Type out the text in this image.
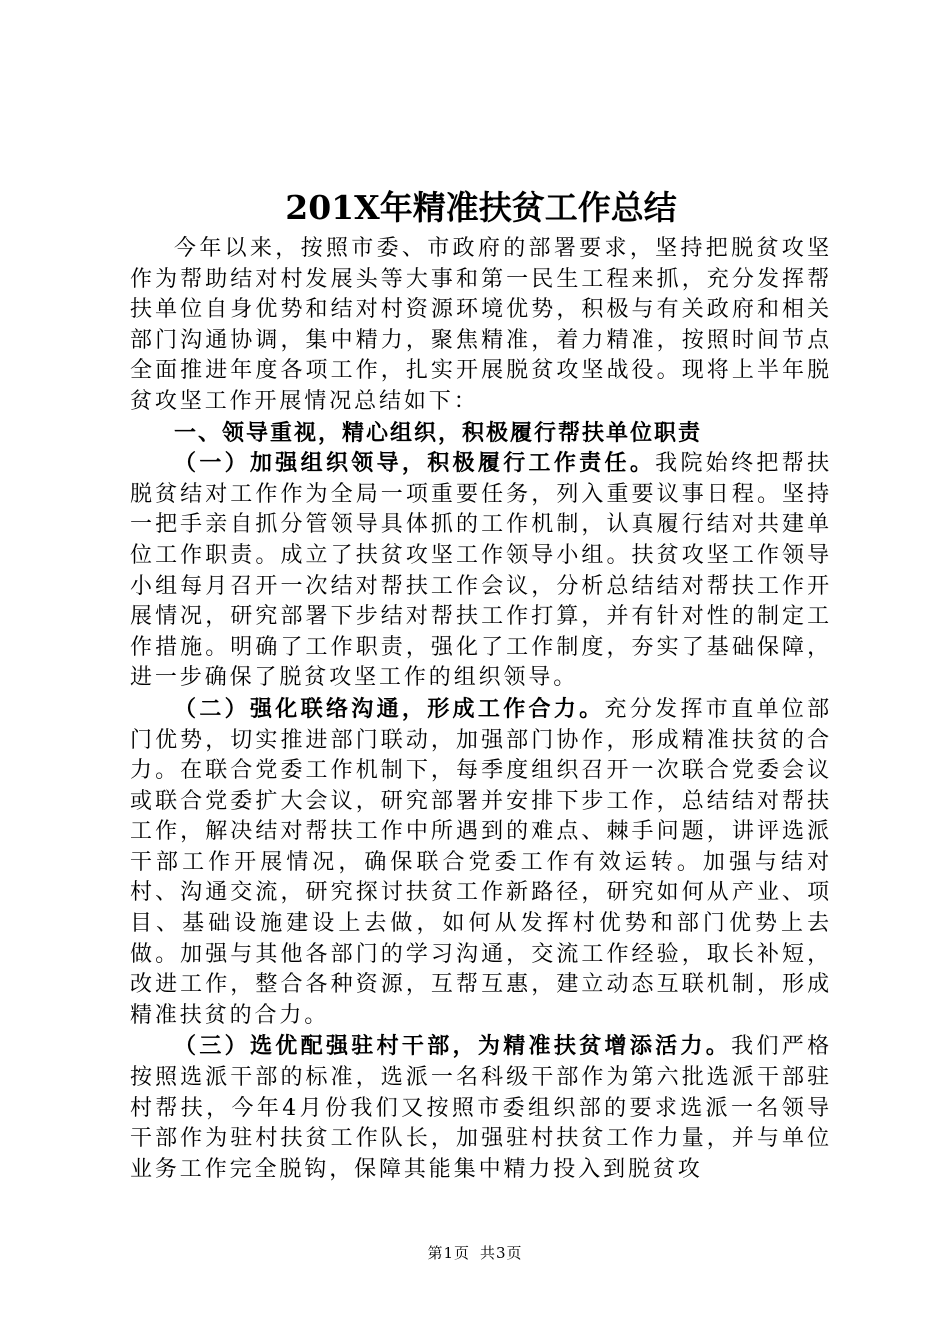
201X年精准扶贫工作总结

今年以来，按照市委、市政府的部署要求，坚持把脱贫攻坚作为帮助结对村发展头等大事和第一民生工程来抓，充分发挥帮扶单位自身优势和结对村资源环境优势，积极与有关政府和相关部门沟通协调，集中精力，聚焦精准，着力精准，按照时间节点全面推进年度各项工作，扎实开展脱贫攻坚战役。现将上半年脱贫攻坚工作开展情况总结如下：

一、领导重视，精心组织，积极履行帮扶单位职责

（一）加强组织领导，积极履行工作责任。我院始终把帮扶脱贫结对工作作为全局一项重要任务，列入重要议事日程。坚持一把手亲自抓分管领导具体抓的工作机制，认真履行结对共建单位工作职责。成立了扶贫攻坚工作领导小组。扶贫攻坚工作领导小组每月召开一次结对帮扶工作会议，分析总结结对帮扶工作开展情况，研究部署下步结对帮扶工作打算，并有针对性的制定工作措施。明确了工作职责，强化了工作制度，夯实了基础保障，进一步确保了脱贫攻坚工作的组织领导。

（二）强化联络沟通，形成工作合力。充分发挥市直单位部门优势，切实推进部门联动，加强部门协作，形成精准扶贫的合力。在联合党委工作机制下，每季度组织召开一次联合党委会议或联合党委扩大会议，研究部署并安排下步工作，总结结对帮扶工作，解决结对帮扶工作中所遇到的难点、棘手问题，讲评选派干部工作开展情况，确保联合党委工作有效运转。加强与结对村、沟通交流，研究探讨扶贫工作新路径，研究如何从产业、项目、基础设施建设上去做，如何从发挥村优势和部门优势上去做。加强与其他各部门的学习沟通，交流工作经验，取长补短，改进工作，整合各种资源，互帮互惠，建立动态互联机制，形成精准扶贫的合力。

（三）选优配强驻村干部，为精准扶贫增添活力。我们严格按照选派干部的标准，选派一名科级干部作为第六批选派干部驻村帮扶，今年4月份我们又按照市委组织部的要求选派一名领导干部作为驻村扶贫工作队长，加强驻村扶贫工作力量，并与单位业务工作完全脱钩，保障其能集中精力投入到脱贫攻

第1页 共3页
